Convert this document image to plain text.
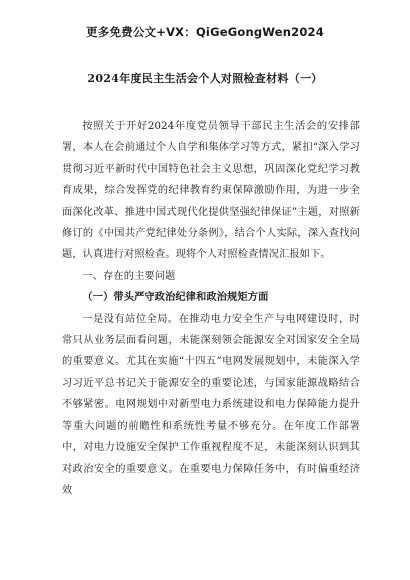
更多免费公文+VX：QiGeGongWen2024
2024年度民主生活会个人对照检查材料（一）

按照关于开好2024年度党员领导干部民主生活会的安排部署，本人在会前通过个人自学和集体学习等方式，紧扣“深入学习贯彻习近平新时代中国特色社会主义思想，巩固深化党纪学习教育成果，综合发挥党的纪律教育约束保障激励作用，为进一步全面深化改革、推进中国式现代化提供坚强纪律保证”主题，对照新修订的《中国共产党纪律处分条例》，结合个人实际，深入查找问题，认真进行对照检查。现将个人对照检查情况汇报如下。

一、存在的主要问题

（一）带头严守政治纪律和政治规矩方面

一是没有站位全局。在推动电力安全生产与电网建设时，时常只从业务层面看问题，未能深刻领会能源安全对国家安全全局的重要意义。尤其在实施“十四五”电网发展规划中，未能深入学习习近平总书记关于能源安全的重要论述，与国家能源战略结合不够紧密。电网规划中对新型电力系统建设和电力保障能力提升等重大问题的前瞻性和系统性考量不够充分。在年度工作部署中，对电力设施安全保护工作重视程度不足，未能深刻认识到其对政治安全的重要意义。在重要电力保障任务中，有时偏重经济效
